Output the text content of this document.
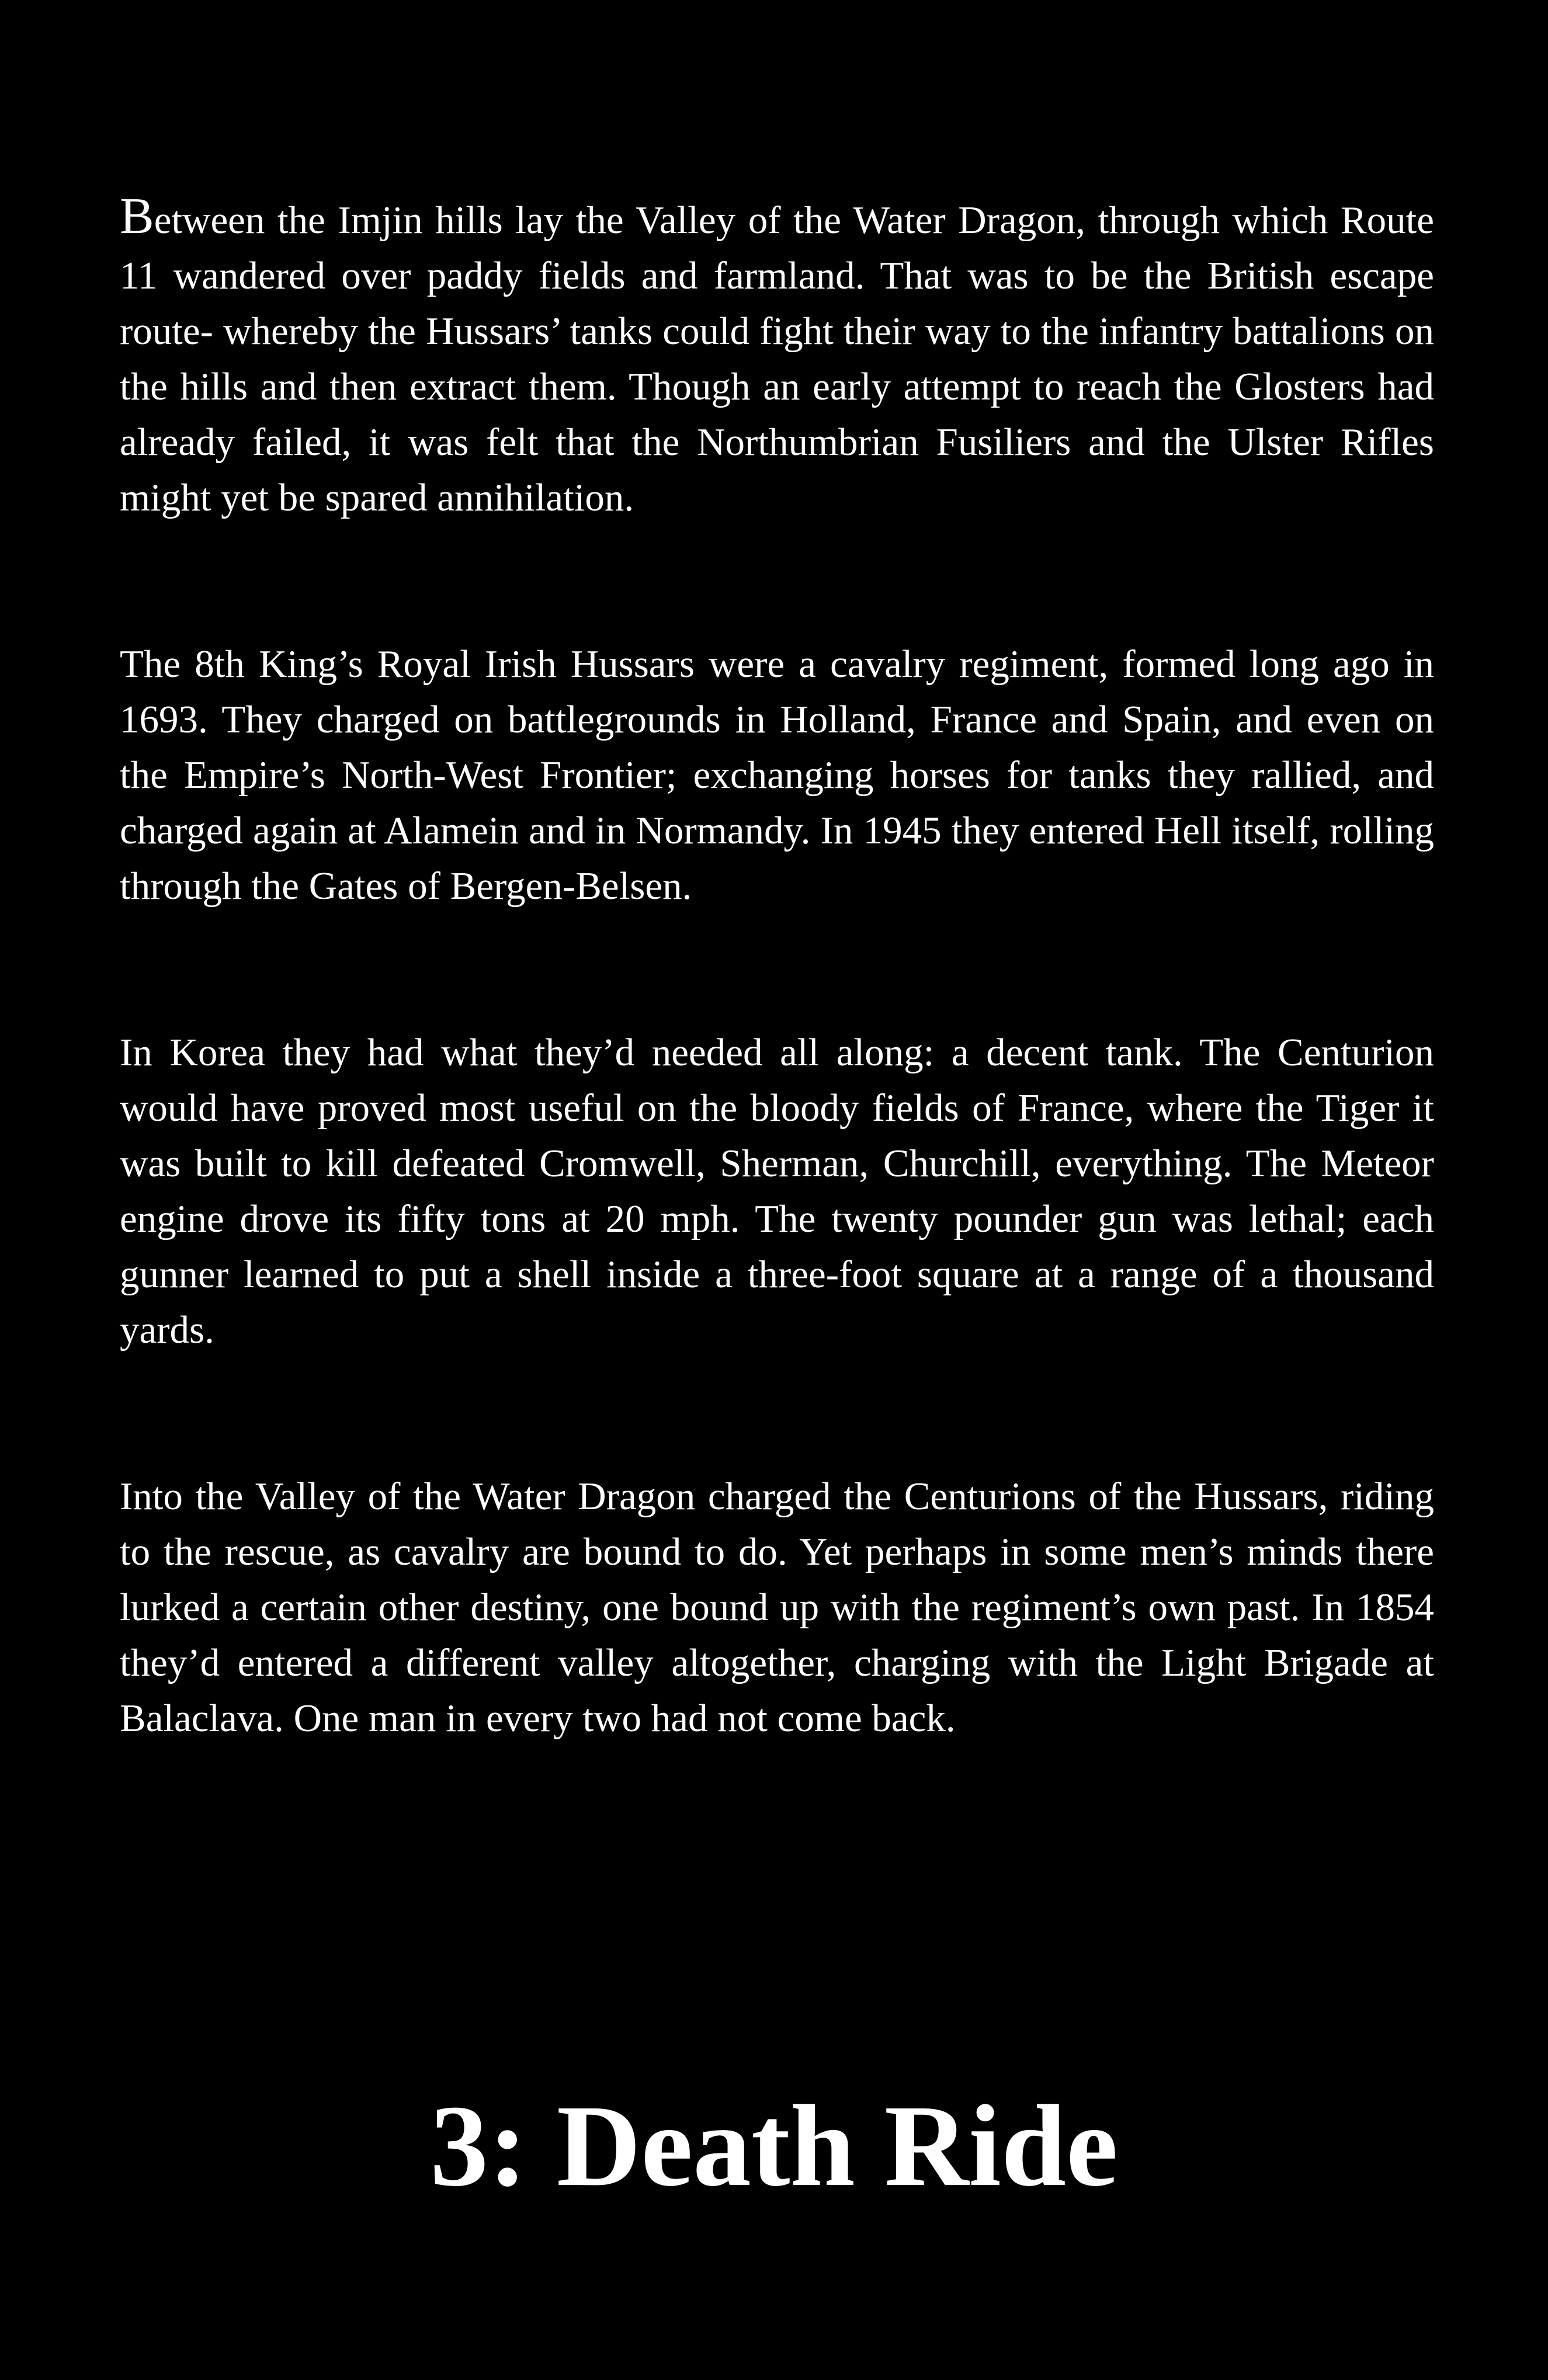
Between the Imjin hills lay the Valley of the Water Dragon, through which Route 11 wandered over paddy fields and farmland. That was to be the British escape route- whereby the Hussars’ tanks could fight their way to the infantry battalions on the hills and then extract them. Though an early attempt to reach the Glosters had already failed, it was felt that the Northumbrian Fusiliers and the Ulster Rifles might yet be spared annihilation.

The 8th King’s Royal Irish Hussars were a cavalry regiment, formed long ago in 1693. They charged on battlegrounds in Holland, France and Spain, and even on the Empire’s North-West Frontier; exchanging horses for tanks they rallied, and charged again at Alamein and in Normandy. In 1945 they entered Hell itself, rolling through the Gates of Bergen-Belsen.

In Korea they had what they’d needed all along: a decent tank. The Centurion would have proved most useful on the bloody fields of France, where the Tiger it was built to kill defeated Cromwell, Sherman, Churchill, everything. The Meteor engine drove its fifty tons at 20 mph. The twenty pounder gun was lethal; each gunner learned to put a shell inside a three-foot square at a range of a thousand yards.

Into the Valley of the Water Dragon charged the Centurions of the Hussars, riding to the rescue, as cavalry are bound to do. Yet perhaps in some men’s minds there lurked a certain other destiny, one bound up with the regiment’s own past. In 1854 they’d entered a different valley altogether, charging with the Light Brigade at Balaclava. One man in every two had not come back.

3: Death Ride
